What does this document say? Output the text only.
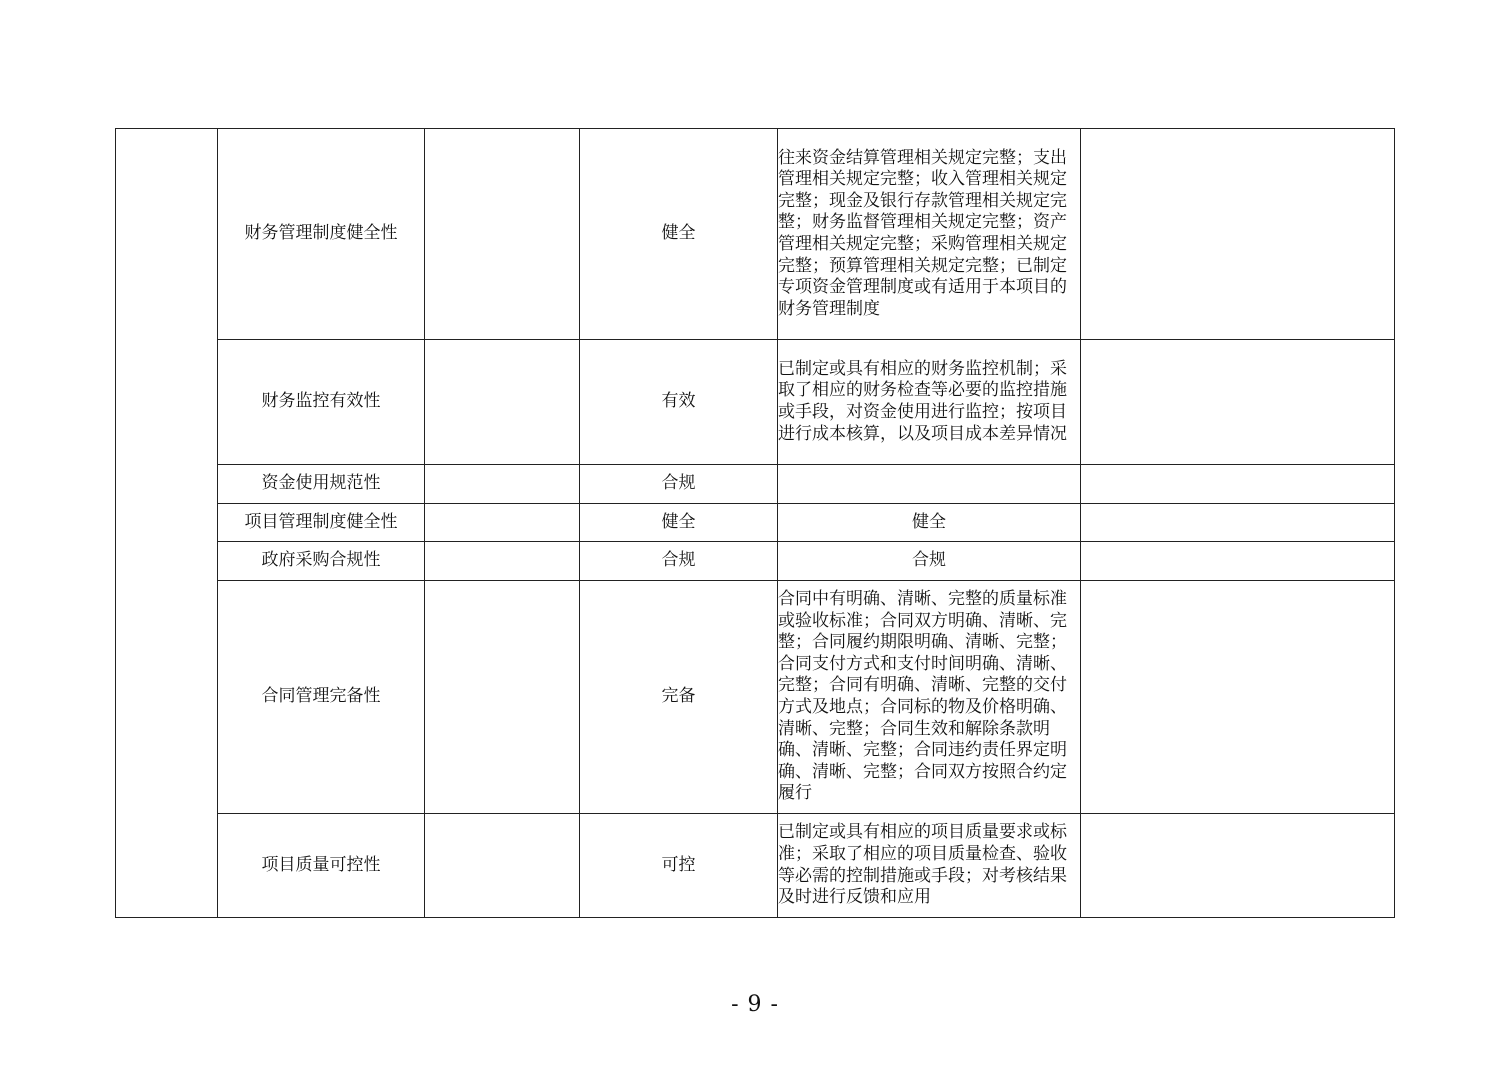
	财务管理制度健全性		健全	往来资金结算管理相关规定完整；支出管理相关规定完整；收入管理相关规定完整；现金及银行存款管理相关规定完整；财务监督管理相关规定完整；资产管理相关规定完整；采购管理相关规定完整；预算管理相关规定完整；已制定专项资金管理制度或有适用于本项目的财务管理制度	
	财务监控有效性		有效	已制定或具有相应的财务监控机制；采取了相应的财务检查等必要的监控措施或手段，对资金使用进行监控；按项目进行成本核算，以及项目成本差异情况	
	资金使用规范性		合规		
	项目管理制度健全性		健全	健全	
	政府采购合规性		合规	合规	
	合同管理完备性		完备	合同中有明确、清晰、完整的质量标准或验收标准；合同双方明确、清晰、完整；合同履约期限明确、清晰、完整；合同支付方式和支付时间明确、清晰、完整；合同有明确、清晰、完整的交付方式及地点；合同标的物及价格明确、清晰、完整；合同生效和解除条款明确、清晰、完整；合同违约责任界定明确、清晰、完整；合同双方按照合约定履行	
	项目质量可控性		可控	已制定或具有相应的项目质量要求或标准；采取了相应的项目质量检查、验收等必需的控制措施或手段；对考核结果及时进行反馈和应用	
- 9 -
